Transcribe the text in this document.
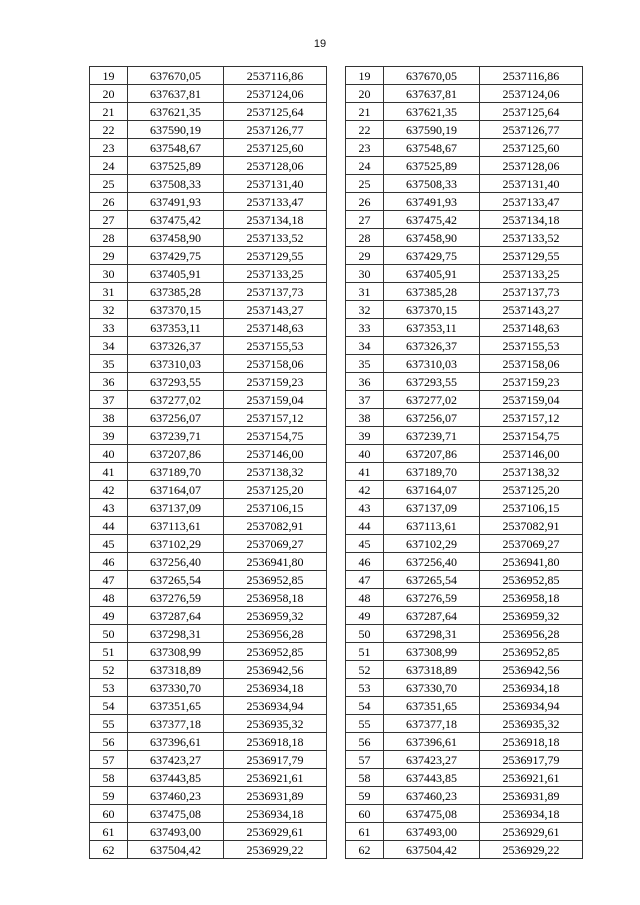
19
19	637670,05	2537116,86
20	637637,81	2537124,06
21	637621,35	2537125,64
22	637590,19	2537126,77
23	637548,67	2537125,60
24	637525,89	2537128,06
25	637508,33	2537131,40
26	637491,93	2537133,47
27	637475,42	2537134,18
28	637458,90	2537133,52
29	637429,75	2537129,55
30	637405,91	2537133,25
31	637385,28	2537137,73
32	637370,15	2537143,27
33	637353,11	2537148,63
34	637326,37	2537155,53
35	637310,03	2537158,06
36	637293,55	2537159,23
37	637277,02	2537159,04
38	637256,07	2537157,12
39	637239,71	2537154,75
40	637207,86	2537146,00
41	637189,70	2537138,32
42	637164,07	2537125,20
43	637137,09	2537106,15
44	637113,61	2537082,91
45	637102,29	2537069,27
46	637256,40	2536941,80
47	637265,54	2536952,85
48	637276,59	2536958,18
49	637287,64	2536959,32
50	637298,31	2536956,28
51	637308,99	2536952,85
52	637318,89	2536942,56
53	637330,70	2536934,18
54	637351,65	2536934,94
55	637377,18	2536935,32
56	637396,61	2536918,18
57	637423,27	2536917,79
58	637443,85	2536921,61
59	637460,23	2536931,89
60	637475,08	2536934,18
61	637493,00	2536929,61
62	637504,42	2536929,22
19	637670,05	2537116,86
20	637637,81	2537124,06
21	637621,35	2537125,64
22	637590,19	2537126,77
23	637548,67	2537125,60
24	637525,89	2537128,06
25	637508,33	2537131,40
26	637491,93	2537133,47
27	637475,42	2537134,18
28	637458,90	2537133,52
29	637429,75	2537129,55
30	637405,91	2537133,25
31	637385,28	2537137,73
32	637370,15	2537143,27
33	637353,11	2537148,63
34	637326,37	2537155,53
35	637310,03	2537158,06
36	637293,55	2537159,23
37	637277,02	2537159,04
38	637256,07	2537157,12
39	637239,71	2537154,75
40	637207,86	2537146,00
41	637189,70	2537138,32
42	637164,07	2537125,20
43	637137,09	2537106,15
44	637113,61	2537082,91
45	637102,29	2537069,27
46	637256,40	2536941,80
47	637265,54	2536952,85
48	637276,59	2536958,18
49	637287,64	2536959,32
50	637298,31	2536956,28
51	637308,99	2536952,85
52	637318,89	2536942,56
53	637330,70	2536934,18
54	637351,65	2536934,94
55	637377,18	2536935,32
56	637396,61	2536918,18
57	637423,27	2536917,79
58	637443,85	2536921,61
59	637460,23	2536931,89
60	637475,08	2536934,18
61	637493,00	2536929,61
62	637504,42	2536929,22
